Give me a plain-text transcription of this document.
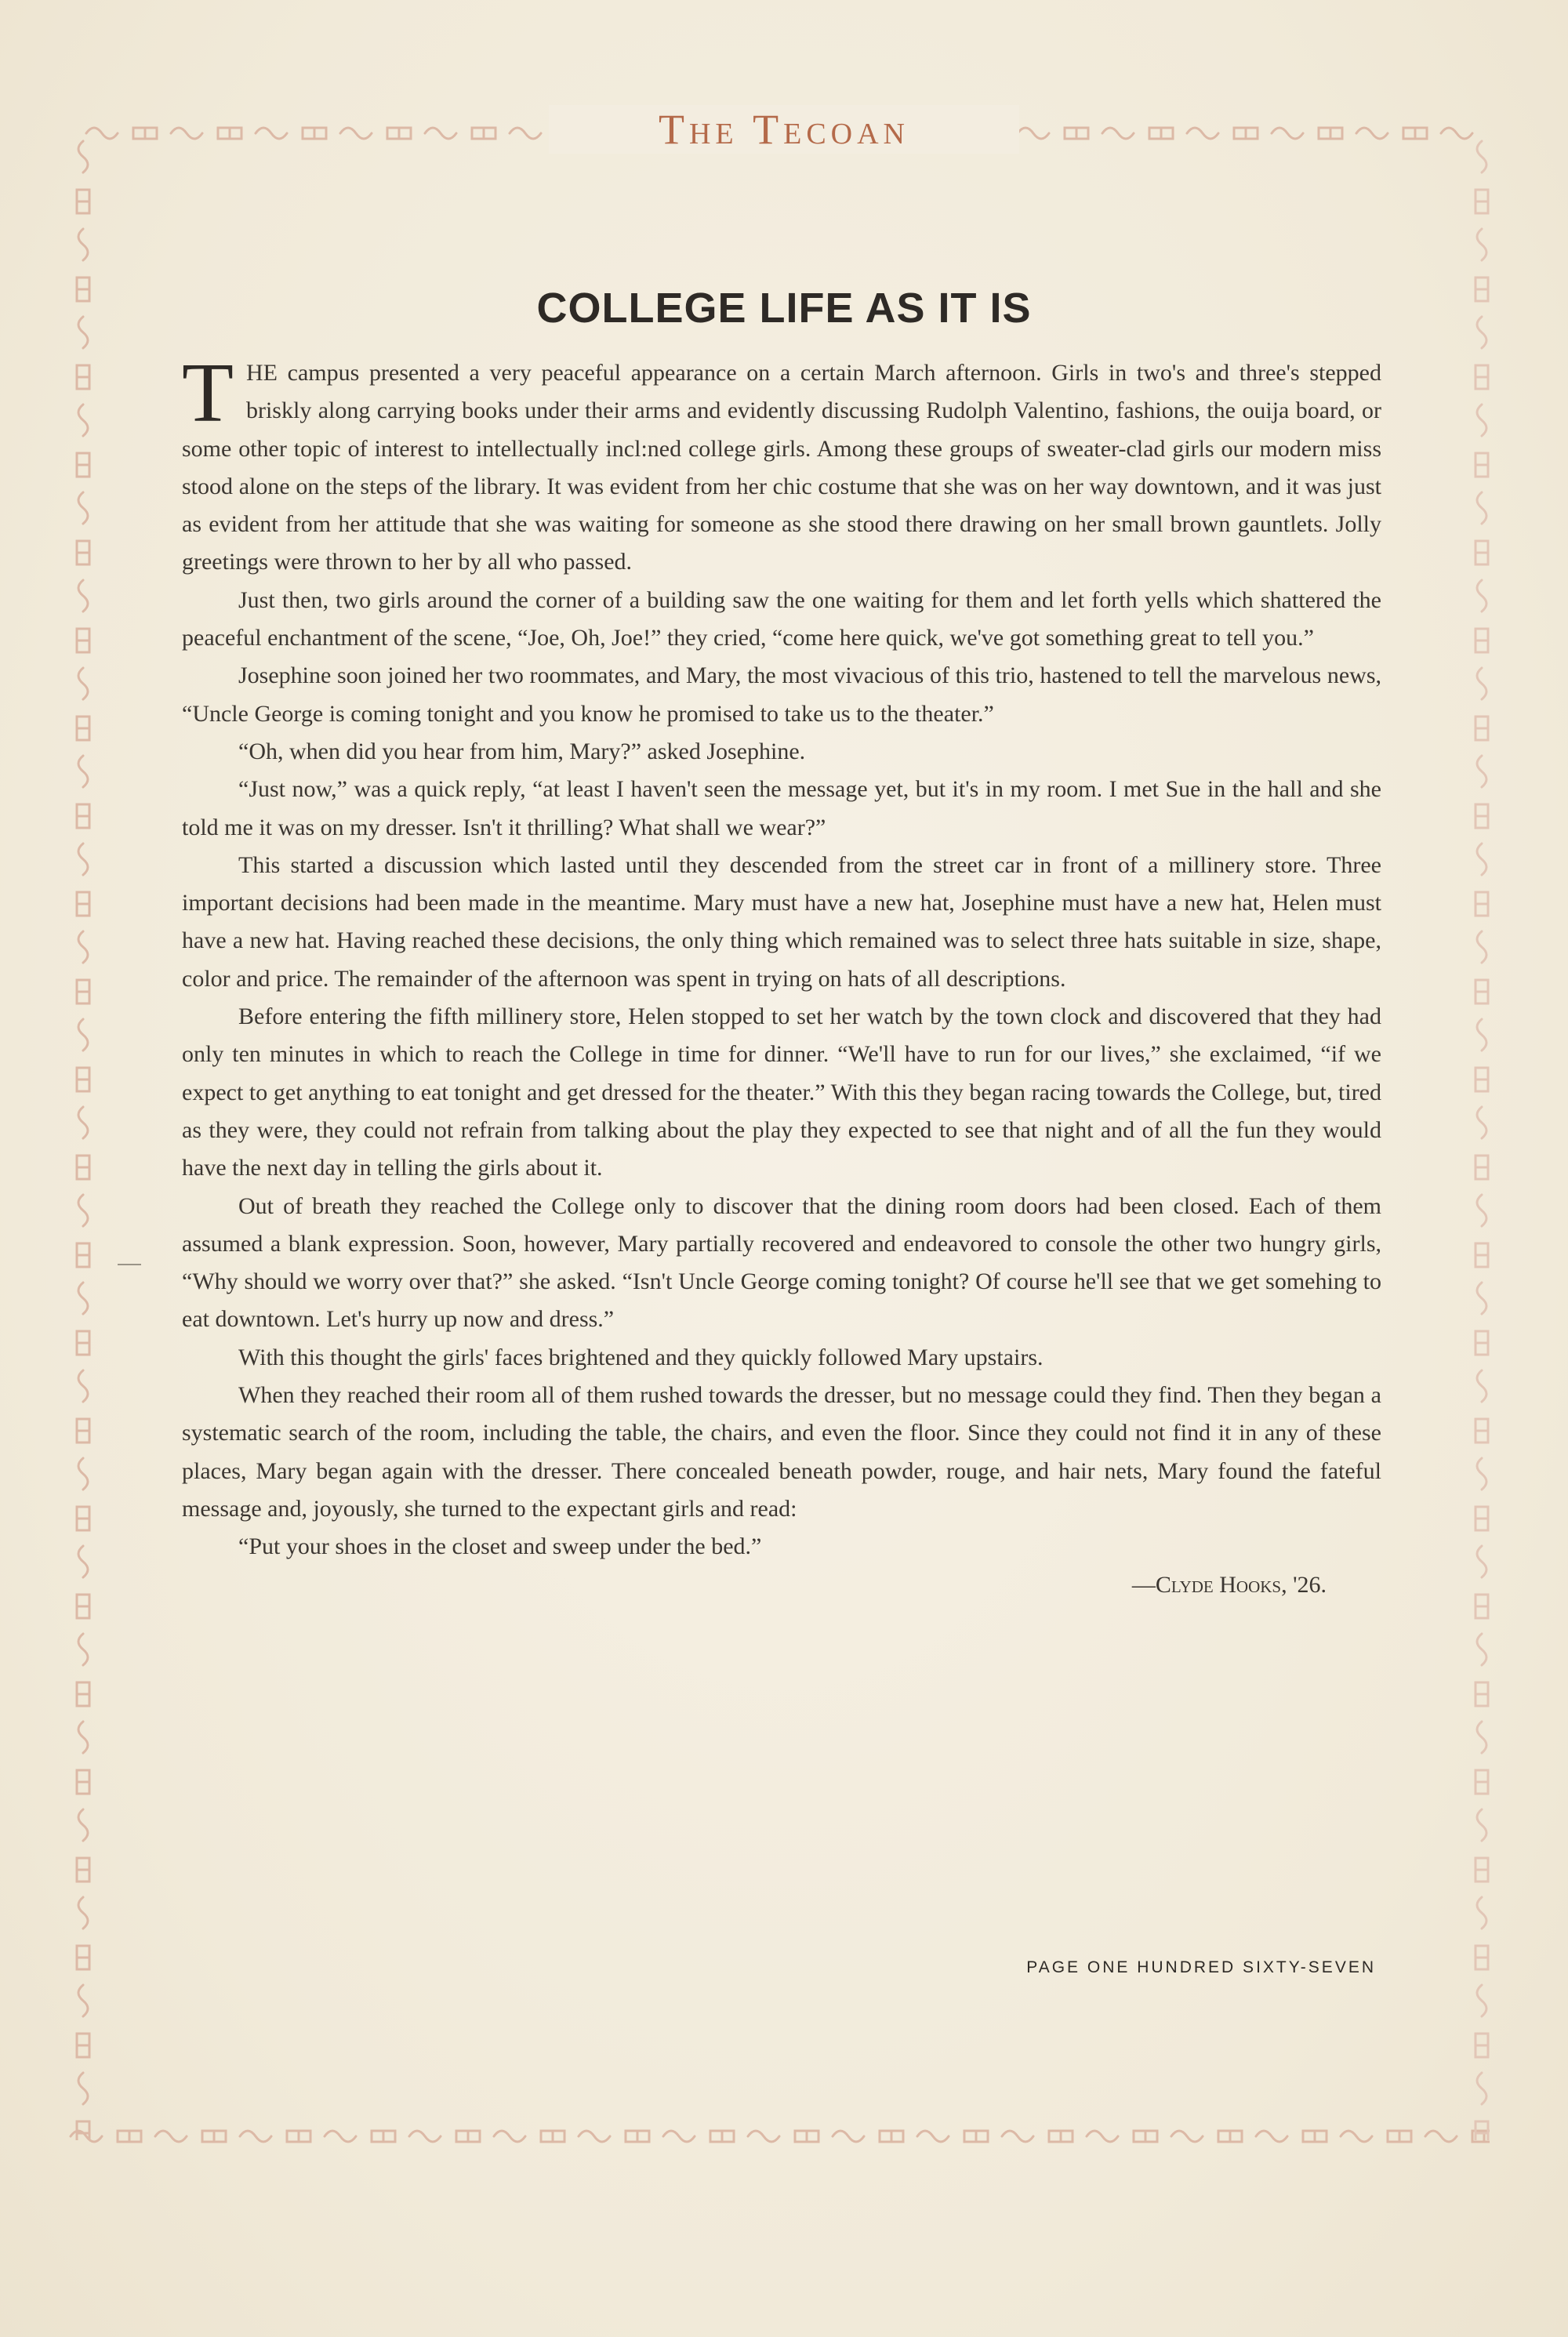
The Tecoan
COLLEGE LIFE AS IT IS

THE campus presented a very peaceful appearance on a certain March afternoon. Girls in two's and three's stepped briskly along carrying books under their arms and evidently discussing Rudolph Valentino, fashions, the ouija board, or some other topic of interest to intellectually incl:ned college girls. Among these groups of sweater-clad girls our modern miss stood alone on the steps of the library. It was evident from her chic costume that she was on her way downtown, and it was just as evident from her attitude that she was waiting for someone as she stood there drawing on her small brown gauntlets. Jolly greetings were thrown to her by all who passed.

Just then, two girls around the corner of a building saw the one waiting for them and let forth yells which shattered the peaceful enchantment of the scene, “Joe, Oh, Joe!” they cried, “come here quick, we've got something great to tell you.”

Josephine soon joined her two roommates, and Mary, the most vivacious of this trio, hastened to tell the marvelous news, “Uncle George is coming tonight and you know he promised to take us to the theater.”

“Oh, when did you hear from him, Mary?” asked Josephine.

“Just now,” was a quick reply, “at least I haven't seen the message yet, but it's in my room. I met Sue in the hall and she told me it was on my dresser. Isn't it thrilling? What shall we wear?”

This started a discussion which lasted until they descended from the street car in front of a millinery store. Three important decisions had been made in the meantime. Mary must have a new hat, Josephine must have a new hat, Helen must have a new hat. Having reached these decisions, the only thing which remained was to select three hats suitable in size, shape, color and price. The remainder of the afternoon was spent in trying on hats of all descriptions.

Before entering the fifth millinery store, Helen stopped to set her watch by the town clock and discovered that they had only ten minutes in which to reach the College in time for dinner. “We'll have to run for our lives,” she exclaimed, “if we expect to get anything to eat tonight and get dressed for the theater.” With this they began racing towards the College, but, tired as they were, they could not refrain from talking about the play they expected to see that night and of all the fun they would have the next day in telling the girls about it.

Out of breath they reached the College only to discover that the dining room doors had been closed. Each of them assumed a blank expression. Soon, however, Mary partially recovered and endeavored to console the other two hungry girls, “Why should we worry over that?” she asked. “Isn't Uncle George coming tonight? Of course he'll see that we get somehing to eat downtown. Let's hurry up now and dress.”

With this thought the girls' faces brightened and they quickly followed Mary upstairs.

When they reached their room all of them rushed towards the dresser, but no message could they find. Then they began a systematic search of the room, including the table, the chairs, and even the floor. Since they could not find it in any of these places, Mary began again with the dresser. There concealed beneath powder, rouge, and hair nets, Mary found the fateful message and, joyously, she turned to the expectant girls and read:

“Put your shoes in the closet and sweep under the bed.”

—Clyde Hooks, '26.

PAGE ONE HUNDRED SIXTY-SEVEN
